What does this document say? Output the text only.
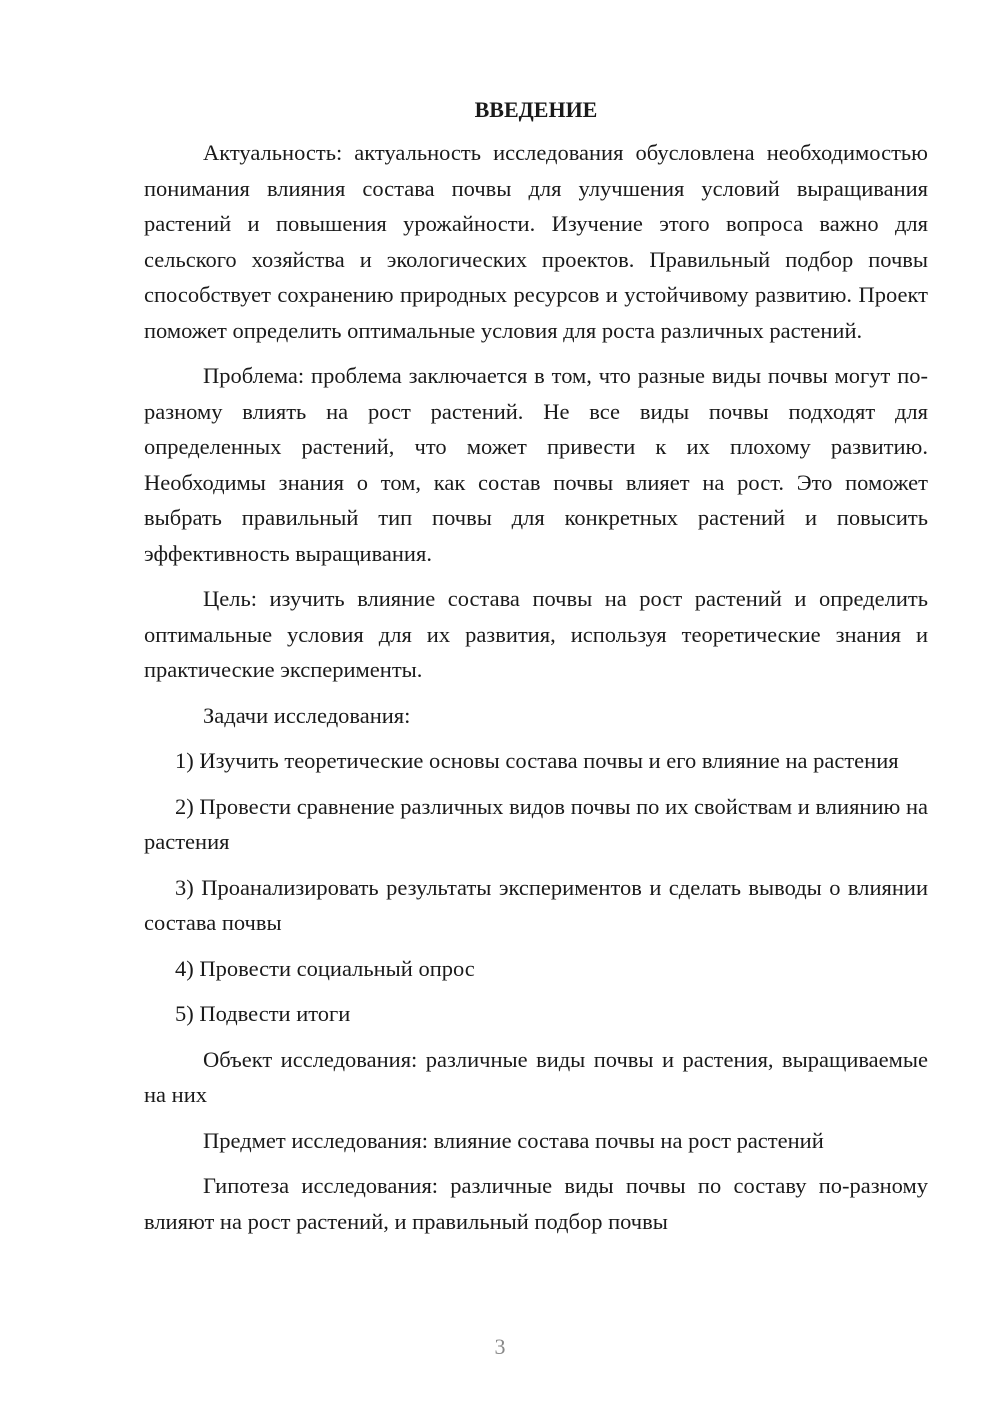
ВВЕДЕНИЕ

Актуальность: актуальность исследования обусловлена необходимостью понимания влияния состава почвы для улучшения условий выращивания растений и повышения урожайности. Изучение этого вопроса важно для сельского хозяйства и экологических проектов. Правильный подбор почвы способствует сохранению природных ресурсов и устойчивому развитию. Проект поможет определить оптимальные условия для роста различных растений.

Проблема: проблема заключается в том, что разные виды почвы могут по-разному влиять на рост растений. Не все виды почвы подходят для определенных растений, что может привести к их плохому развитию. Необходимы знания о том, как состав почвы влияет на рост. Это поможет выбрать правильный тип почвы для конкретных растений и повысить эффективность выращивания.

Цель: изучить влияние состава почвы на рост растений и определить оптимальные условия для их развития, используя теоретические знания и практические эксперименты.

Задачи исследования:

1) Изучить теоретические основы состава почвы и его влияние на растения

2) Провести сравнение различных видов почвы по их свойствам и влиянию на растения

3) Проанализировать результаты экспериментов и сделать выводы о влиянии состава почвы

4) Провести социальный опрос

5) Подвести итоги

Объект исследования: различные виды почвы и растения, выращиваемые на них

Предмет исследования: влияние состава почвы на рост растений

Гипотеза исследования: различные виды почвы по составу по-разному влияют на рост растений, и правильный подбор почвы

3
